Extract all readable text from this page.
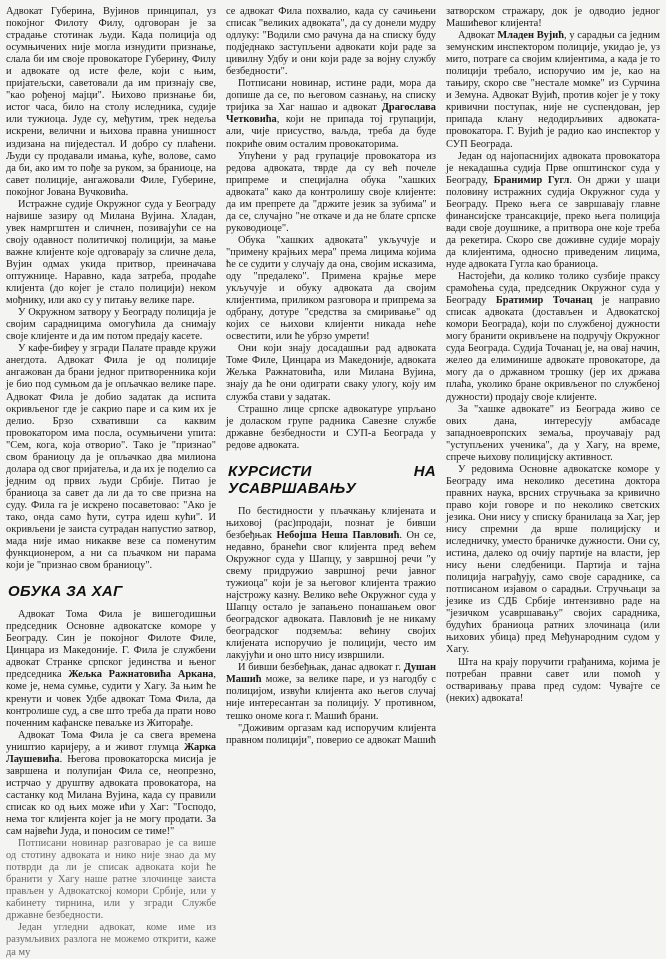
Адвокат Губерина, Вујинов принципал, уз покојног Филоту Филу, одговоран је за страдање стотинак људи. Када полиција од осумњичених није могла изнудити признање, слала би им своје провокаторе Губерину, Филу и адвокате од исте феле, који с њим, пријатељски, саветовали да им признају све, "као рођеној мајци". Њихово признање би, истог часа, било на столу иследника, судије или тужиоца. Јуде су, међутим, трек недеља искрени, велични и њихова правна унишност издизана на пиједестал. И добро су плаћени. Људи су продавали имања, куће, волове, само да би, ако им то пође за руком, за браниоце, на савет полиције, ангажовали Филе, Губерине, покојног Јована Вучковића.

Истражне судије Окружног суда у Београду највише зазиру од Милана Вујина. Хладан, увек намргштен и сличнен, позивајући се на своју одавност политичкој полицији, за мање важне клијенте које одговарају за сличне дела, Вујин одмах укида притвор, преиначава оптужнице. Наравно, када затреба, продаће клијента (до којег је стало полицији) неком мођнику, или ако су у питању велике паре.

У Окружном затвору у Београду полиција је својим сарадницима омогућила да снимају своје клијенте и да им потом предају касете.

У кафе-бифеу у згради Палате правде кружи анегдота. Адвокат Фила је од полиције ангажован да брани једног притворенника који је био под сумњом да је опљачкао велике паре. Адвокат Фила је добио задатак да испита окривљеног где је сакрио паре и са ким их је делио. Брзо схвативши са каквим провокатором има посла, осумњичени упита: "Сем, кога, која отворио". Тако је "признао" свом браниоцу да је опљачкао два милиона долара од свог пријатеља, и да их је поделио са једним од првих људи Србије. Питао је браниоца за савет да ли да то све призна на суду. Фила га је искрено посаветовао: "Ако је тако, онда само ћути, сутра идеш кући". И окривљени је заиста сутрадан напустио затвор, мада није имао никакве везе са поменутим функционером, а ни са пљачком ни парама који је "признао свом браниоцу".

ОБУКА ЗА ХАГ

Адвокат Тома Фила је вишегодишњи председник Основне адвокатске коморе у Београду. Син је покојног Филоте Филе, Цинцара из Македоније. Г. Фила је службени адвокат Странке српског јединства и њеног председника Жељка Ражнатовића Аркана, коме је, нема сумње, судити у Хагу. За њим ће кренути и човек Удбе адвокат Тома Фила, да контролише суд, а све што треба да прати ново поченним кафанске певаљке из Житорађе.

Адвокат Тома Фила је са свега времена уништио каријеру, а и живот глумца Жарка Лаушевића. Његова провокаторска мисија је завршена и полупијан Фила се, неопрезно, истрчао у друштву адвоката провокатора, на састанку код Милана Вујина, када су правили списак ко од њих може ићи у Хаг: "Господо, нема тог клијента којег ја не могу продати. За сам највећи Јуда, и поносим се тиме!"

Потписани новинар разговарао је са више од стотину адвоката и нико није знао да му потврди да ли је списак адвоката који ће бранити у Хагу наше ратне злочинце заиста прављен у Адвокатској комори Србије, или у кабинету тирнина, или у згради Службе државне безбедности.

Један угледни адвокат, коме име из разумљивих разлога не можемо открити, каже да му

се адвокат Фила похвалио, када су сачињени списак "великих адвоката", да су донели мудру одлуку: "Водили смо рачуна да на списку буду подједнако заступљени адвокати који раде за цивилну Удбу и они који раде за војну службу безбедности".

Потписани новинар, истине ради, мора да допише да се, по његовом сазнању, на списку тријика за Хаг нашао и адвокат Драгослава Четковића, који не припада тој групацији, али, чије присуство, ваљда, треба да буде покриће овим осталим провокаторима.

Упућени у рад групације провокатора из редова адвоката, тврде да су већ почеле припреме и специјална обука "хашких адвоката" како да контролишу своје клијенте: да им препрете да "држите језик за зубима" и да се, случајно "не откаче и да не блате српске руководиоце".

Обука "хашких адвоката" укључује и "примену крајњих мера" према лицима којима ће се судити у случају да она, својим исказима, оду "предалеко". Примена крајње мере укључује и обуку адвоката да својим клијентима, приликом разговора и припрема за одбрану, дотуре "средства за смиривање" од којих се њихови клијенти никада неће освестити, или ће убрзо умрети!

Они који знају досадашњи рад адвоката Томе Филе, Цинцара из Македоније, адвоката Жељка Ражнатовића, или Милана Вујина, знају да ће они одиграти сваку улогу, коју им служба стави у задатак.

Страшно лице српске адвокатуре упрљано је доласком групе радника Савезне службе државне безбедности и СУП-а Београда у редове адвоката.

КУРСИСТИ НА УСАВРШАВАЊУ

По бестидности у пљачкању клијената и њиховој (рас)продаји, познат је бивши безбеђњак Небојша Неша Павловић. Он се, недавно, бранећи свог клијента пред већем Окружног суда у Шапцу, у завршној речи "у свему придружио завршној речи јавног тужиоца" који је за његовог клијента тражио најстрожу казну. Велико веће Окружног суда у Шапцу остало је запањено понашањем овог београдског адвоката. Павловић је не никаму београдског подземља: већину својих клијената испоручио је полицији, често им лакујући и оно што нису извршили.

И бивши безбеђњак, данас адвокат г. Душан Машић може, за велике паре, и уз нагодбу с полицијом, извући клијента ако његов случај није интересантан за полицију. У противном, тешко ономе кога г. Машић брани.

"Доживим оргазам кад испоручим клијента правном полицији", поверио се адвокат Машић

затворском стражару, док је одводио једног Машићевог клијента!

Адвокат Младен Вујић, у сарадњи са једним земунским инспектором полиције, укидао је, уз мито, потраге са својим клијентима, а када је то полицији требало, испоручио им је, као на тањиру, скоро све "нестале момке" из Сурчина и Земуна. Адвокат Вујић, против којег је у току кривични поступак, није не суспендован, јер припада клану недодирљивих адвоката-провокатора. Г. Вујић је радио као инспектор у СУП Београда.

Један од најопаснијих адвоката провокатора је некадашња судија Прве општинског суда у Београду, Бранимир Гугл. Он држи у шаци половину истражних судија Окружног суда у Београду. Преко њега се завршавају главне финансијске трансакције, преко њега полиција вади своје доушнике, а притвора оне које треба да рекетира. Скоро све доживне судије морају да клијентима, односно приведеним лицима, нуде адвоката Гугла као браниоца.

Настојећи, да колико толико сузбије праксу срамоћења суда, председник Окружног суда у Београду Братимир Точанац је направио списак адвоката (достављен и Адвокатској комори Београда), који по службеној дужности могу бранити окривљене на подручју Окружног суда Београда. Судија Точанац је, на овај начин, желео да елиминише адвокате провокаторе, да могу да о државном трошку (јер их држава плаћа, уколико бране окривљеног по службеној дужности) продају своје клијенте.

За "хашке адвокате" из Београда живо се ових дана, интересују амбасаде западноевропских земаља, проучавају рад "уступљених ученика", да у Хагу, на време, спрече њихову полицијску активност.

У редовима Основне адвокатске коморе у Београду има неколико десетина доктора правних наука, врсних стручњака за кривично право који говоре и по неколико светских језика. Они нису у списку бранилаца за Хаг, јер нису спремни да врше полицијску и иследничку, уместо браничке дужности. Они су, истина, далеко од очију партије на власти, јер нису њени следбеници. Партија и тајна полиција награђују, само своје сараднике, са потписаном изјавом о сарадњи. Стручњаци за језике из СДБ Србије интензивно раде на "језичком усавршавању" својих сарадника, будућих браниоца ратних злочинаца (или њихових убица) пред Међународним судом у Хагу.

Шта на крају поручити грађанима, којима је потребан правни савет или помоћ у остваривању права пред судом: Чувајте се (неких) адвоката!
